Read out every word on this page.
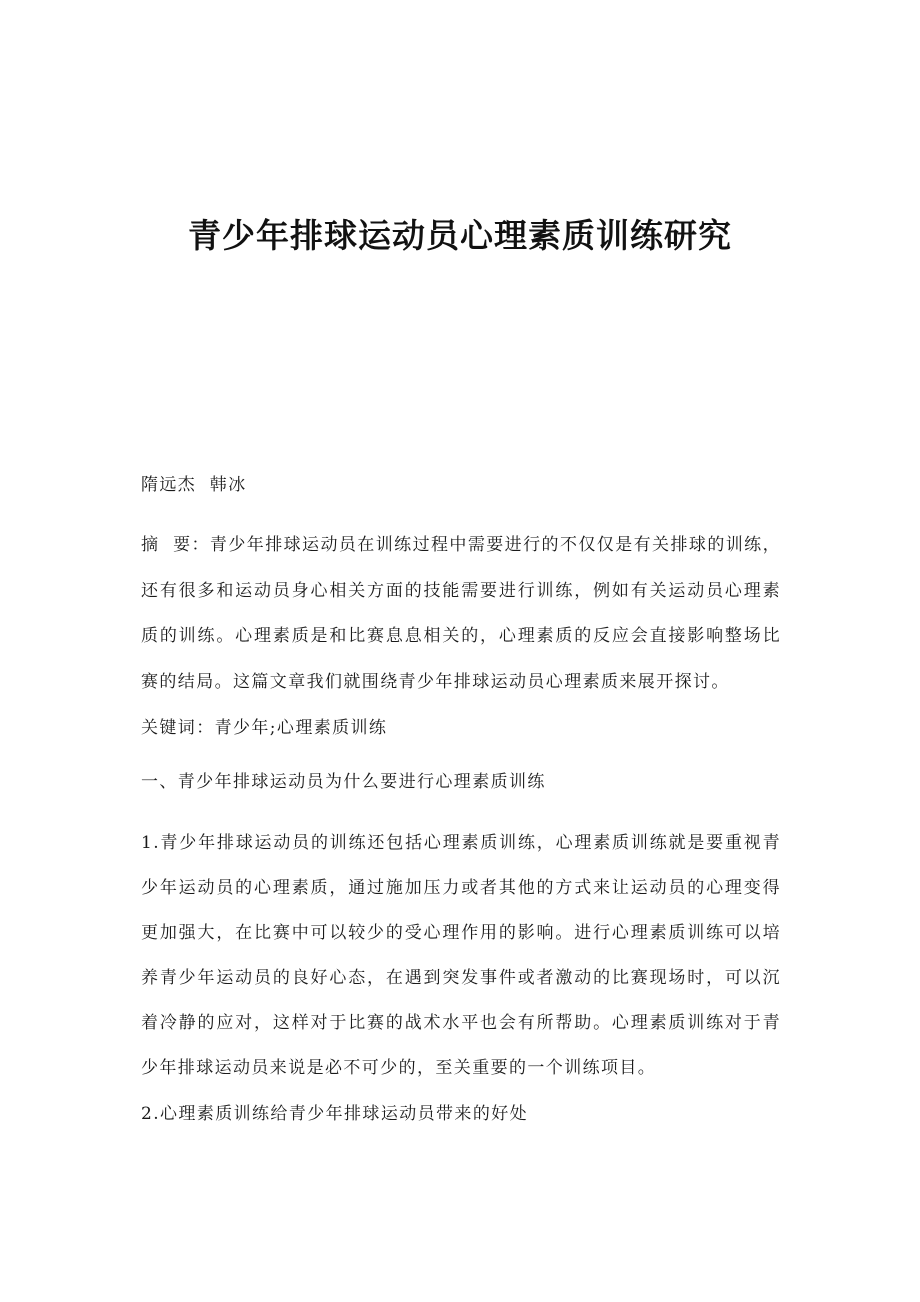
青少年排球运动员心理素质训练研究

隋远杰  韩冰

摘  要：青少年排球运动员在训练过程中需要进行的不仅仅是有关排球的训练，还有很多和运动员身心相关方面的技能需要进行训练，例如有关运动员心理素质的训练。心理素质是和比赛息息相关的，心理素质的反应会直接影响整场比赛的结局。这篇文章我们就围绕青少年排球运动员心理素质来展开探讨。

关键词：青少年;心理素质训练

一、青少年排球运动员为什么要进行心理素质训练

1.青少年排球运动员的训练还包括心理素质训练，心理素质训练就是要重视青少年运动员的心理素质，通过施加压力或者其他的方式来让运动员的心理变得更加强大，在比赛中可以较少的受心理作用的影响。进行心理素质训练可以培养青少年运动员的良好心态，在遇到突发事件或者激动的比赛现场时，可以沉着冷静的应对，这样对于比赛的战术水平也会有所帮助。心理素质训练对于青少年排球运动员来说是必不可少的，至关重要的一个训练项目。

2.心理素质训练给青少年排球运动员带来的好处
